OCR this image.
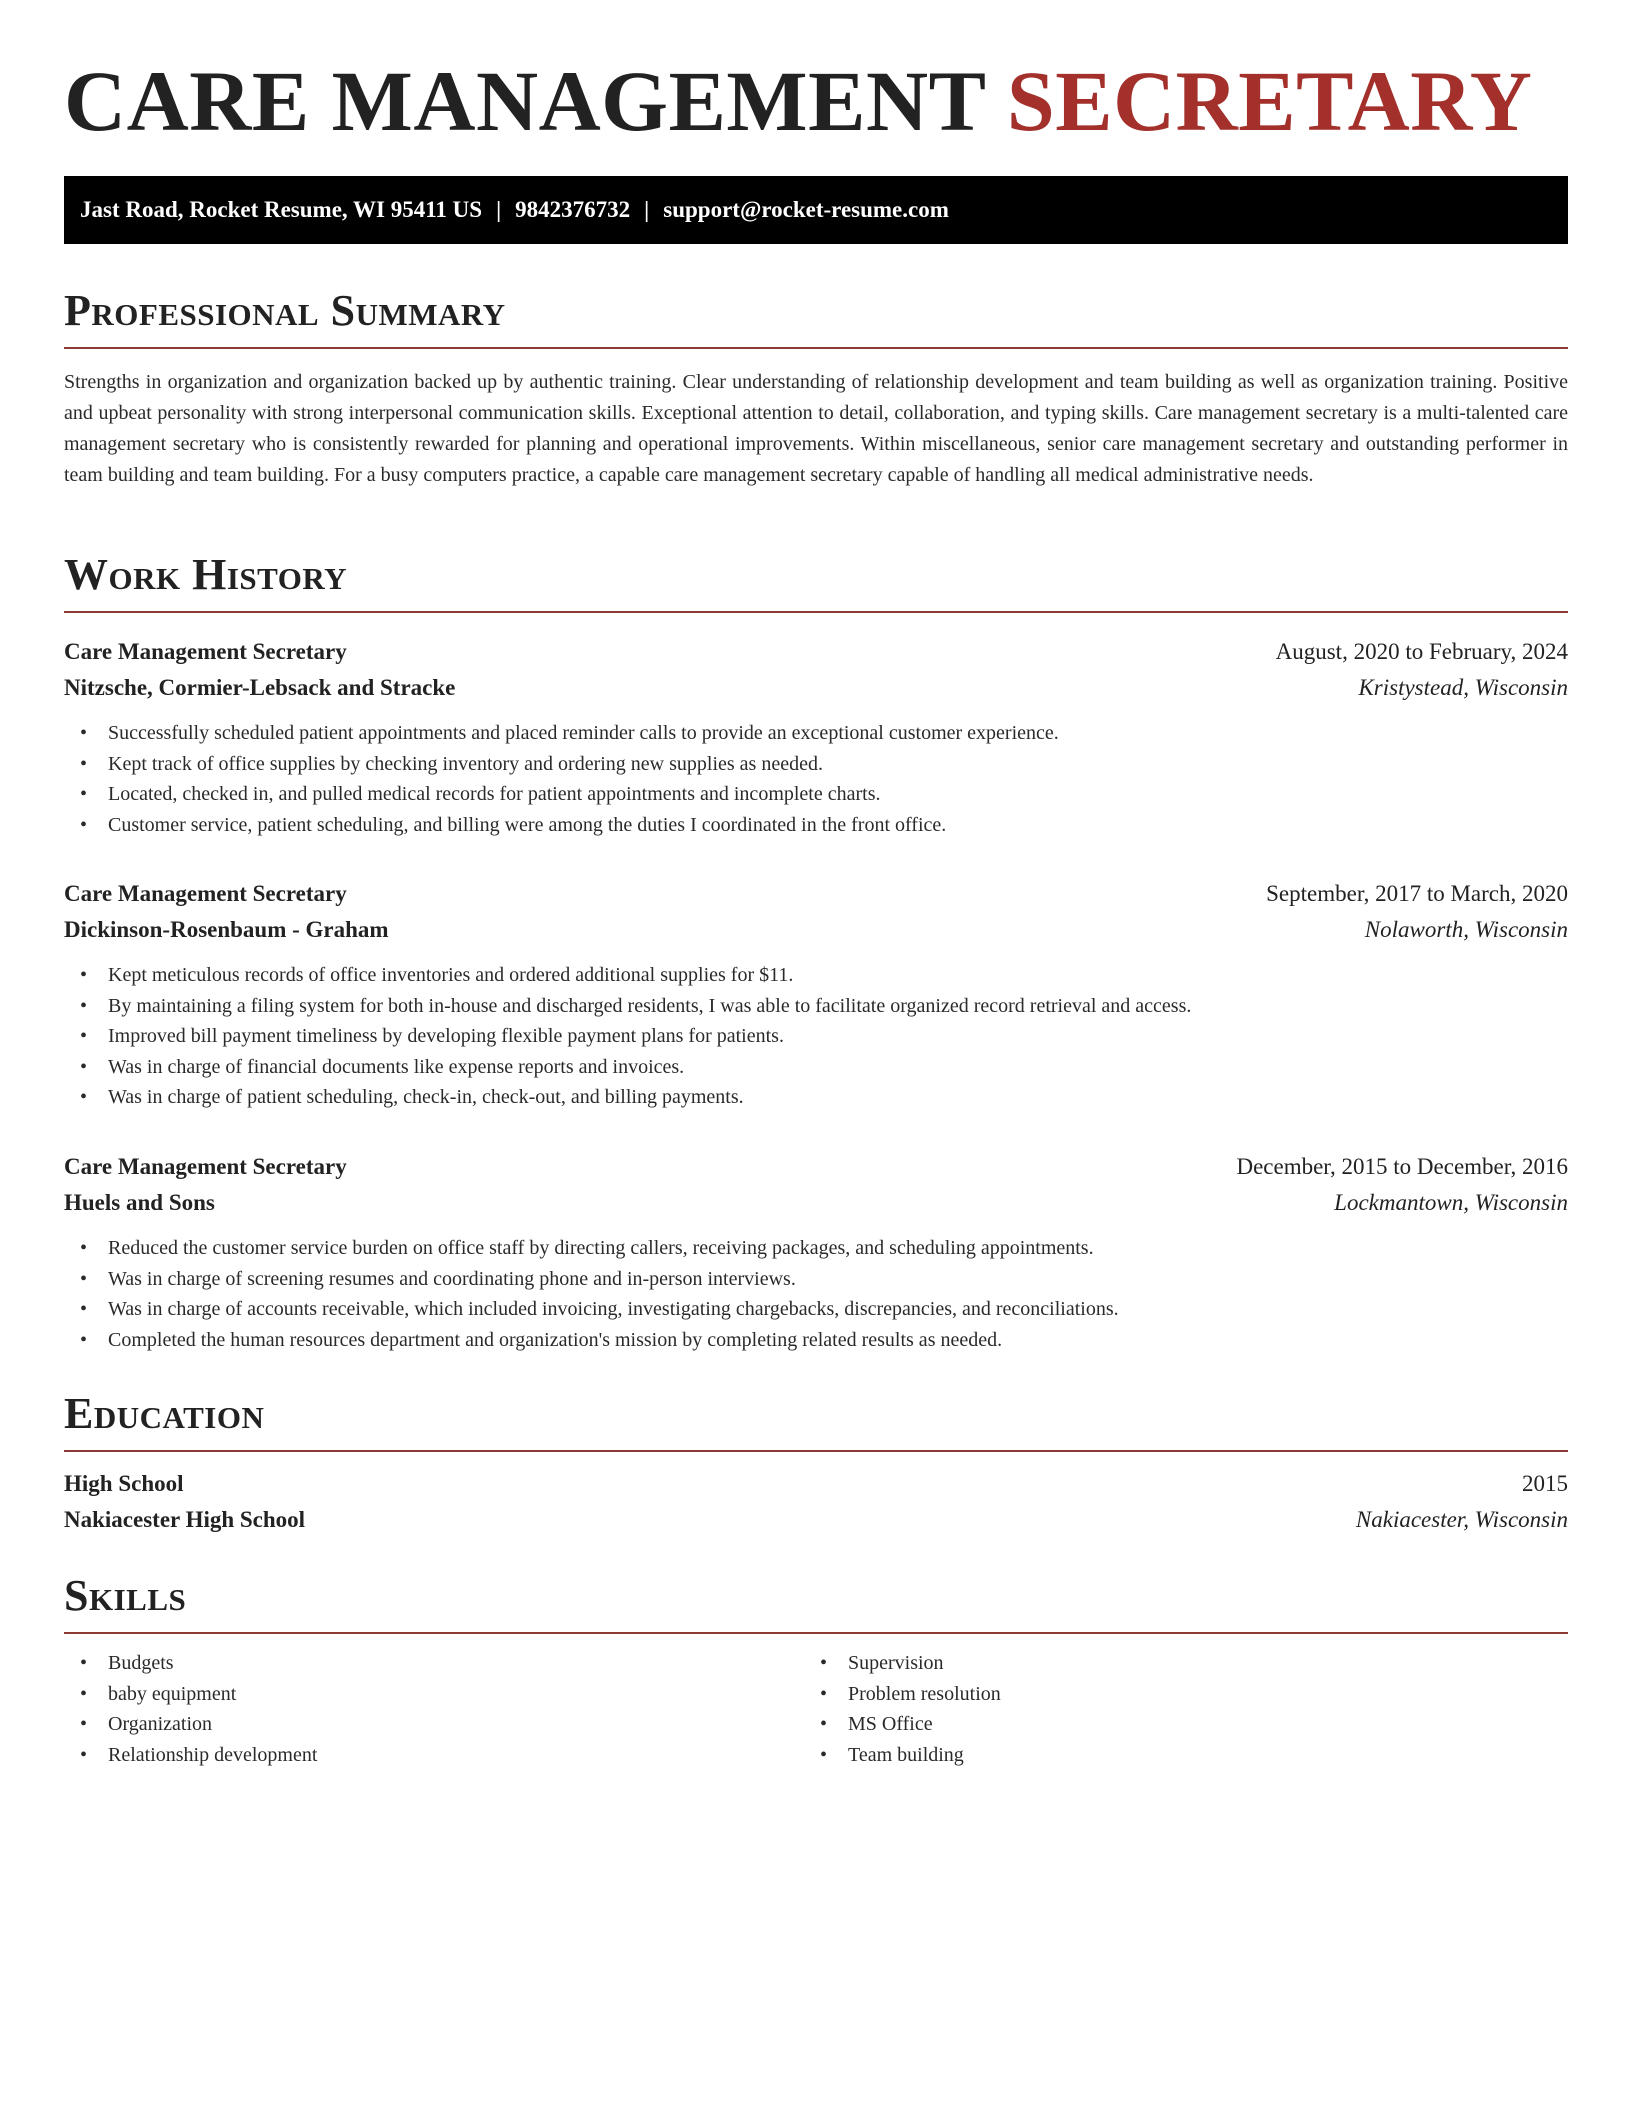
CARE MANAGEMENT SECRETARY
Jast Road, Rocket Resume, WI 95411 US | 9842376732 | support@rocket-resume.com
Professional Summary

Strengths in organization and organization backed up by authentic training. Clear understanding of relationship development and team building as well as organization training. Positive and upbeat personality with strong interpersonal communication skills. Exceptional attention to detail, collaboration, and typing skills. Care management secretary is a multi-talented care management secretary who is consistently rewarded for planning and operational improvements. Within miscellaneous, senior care management secretary and outstanding performer in team building and team building. For a busy computers practice, a capable care management secretary capable of handling all medical administrative needs.

Work History
Care Management Secretary	August, 2020 to February, 2024
Nitzsche, Cormier-Lebsack and Stracke	Kristystead, Wisconsin
• Successfully scheduled patient appointments and placed reminder calls to provide an exceptional customer experience.
• Kept track of office supplies by checking inventory and ordering new supplies as needed.
• Located, checked in, and pulled medical records for patient appointments and incomplete charts.
• Customer service, patient scheduling, and billing were among the duties I coordinated in the front office.
Care Management Secretary	September, 2017 to March, 2020
Dickinson-Rosenbaum - Graham	Nolaworth, Wisconsin
• Kept meticulous records of office inventories and ordered additional supplies for $11.
• By maintaining a filing system for both in-house and discharged residents, I was able to facilitate organized record retrieval and access.
• Improved bill payment timeliness by developing flexible payment plans for patients.
• Was in charge of financial documents like expense reports and invoices.
• Was in charge of patient scheduling, check-in, check-out, and billing payments.
Care Management Secretary	December, 2015 to December, 2016
Huels and Sons	Lockmantown, Wisconsin
• Reduced the customer service burden on office staff by directing callers, receiving packages, and scheduling appointments.
• Was in charge of screening resumes and coordinating phone and in-person interviews.
• Was in charge of accounts receivable, which included invoicing, investigating chargebacks, discrepancies, and reconciliations.
• Completed the human resources department and organization's mission by completing related results as needed.
Education
High School	2015
Nakiacester High School	Nakiacester, Wisconsin
Skills
• Budgets
• baby equipment
• Organization
• Relationship development
• Supervision
• Problem resolution
• MS Office
• Team building
